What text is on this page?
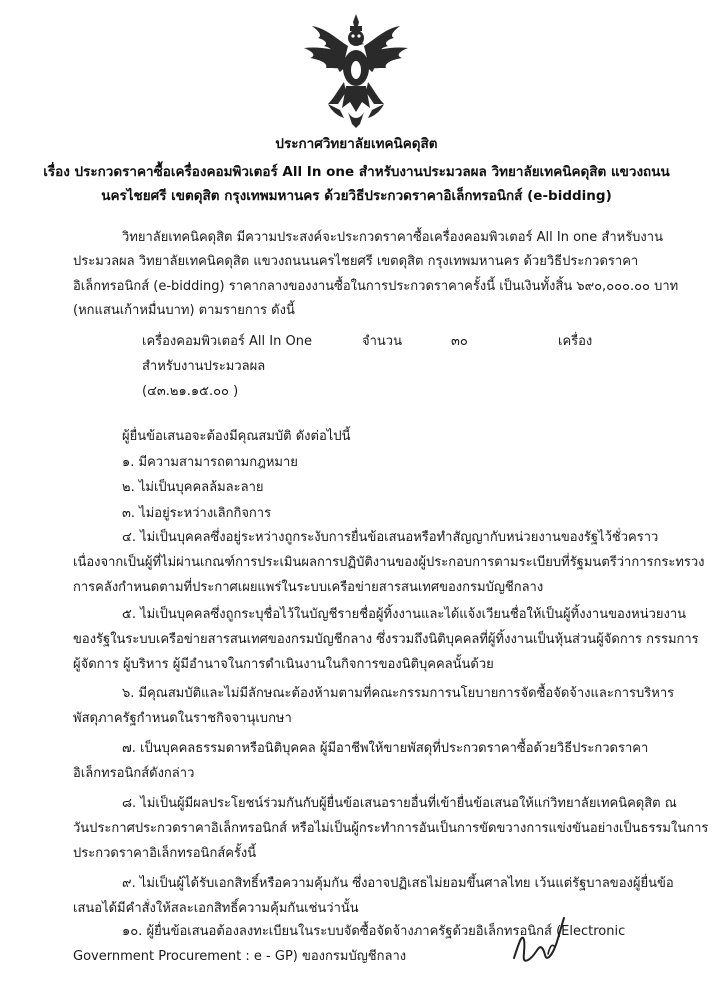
ประกาศวิทยาลัยเทคนิคดุสิต
เรื่อง ประกวดราคาซื้อเครื่องคอมพิวเตอร์ All In one สำหรับงานประมวลผล วิทยาลัยเทคนิคดุสิต แขวงถนน
นครไชยศรี เขตดุสิต กรุงเทพมหานคร ด้วยวิธีประกวดราคาอิเล็กทรอนิกส์ (e-bidding)
วิทยาลัยเทคนิคดุสิต มีความประสงค์จะประกวดราคาซื้อเครื่องคอมพิวเตอร์ All In one สำหรับงาน
ประมวลผล วิทยาลัยเทคนิคดุสิต แขวงถนนนครไชยศรี เขตดุสิต กรุงเทพมหานคร ด้วยวิธีประกวดราคา
อิเล็กทรอนิกส์ (e-bidding) ราคากลางของงานซื้อในการประกวดราคาครั้งนี้ เป็นเงินทั้งสิ้น ๖๙๐,๐๐๐.๐๐ บาท
(หกแสนเก้าหมื่นบาท) ตามรายการ ดังนี้
เครื่องคอมพิวเตอร์ All In One	จำนวน	๓๐	เครื่อง
สำหรับงานประมวลผล
(๔๓.๒๑.๑๕.๐๐ )
ผู้ยื่นข้อเสนอจะต้องมีคุณสมบัติ ดังต่อไปนี้
๑. มีความสามารถตามกฎหมาย
๒. ไม่เป็นบุคคลล้มละลาย
๓. ไม่อยู่ระหว่างเลิกกิจการ
๔. ไม่เป็นบุคคลซึ่งอยู่ระหว่างถูกระงับการยื่นข้อเสนอหรือทำสัญญากับหน่วยงานของรัฐไว้ชั่วคราว
เนื่องจากเป็นผู้ที่ไม่ผ่านเกณฑ์การประเมินผลการปฏิบัติงานของผู้ประกอบการตามระเบียบที่รัฐมนตรีว่าการกระทรวง
การคลังกำหนดตามที่ประกาศเผยแพร่ในระบบเครือข่ายสารสนเทศของกรมบัญชีกลาง
๕. ไม่เป็นบุคคลซึ่งถูกระบุชื่อไว้ในบัญชีรายชื่อผู้ทิ้งงานและได้แจ้งเวียนชื่อให้เป็นผู้ทิ้งงานของหน่วยงาน
ของรัฐในระบบเครือข่ายสารสนเทศของกรมบัญชีกลาง ซึ่งรวมถึงนิติบุคคลที่ผู้ทิ้งงานเป็นหุ้นส่วนผู้จัดการ กรรมการ
ผู้จัดการ ผู้บริหาร ผู้มีอำนาจในการดำเนินงานในกิจการของนิติบุคคลนั้นด้วย
๖. มีคุณสมบัติและไม่มีลักษณะต้องห้ามตามที่คณะกรรมการนโยบายการจัดซื้อจัดจ้างและการบริหาร
พัสดุภาครัฐกำหนดในราชกิจจานุเบกษา
๗. เป็นบุคคลธรรมดาหรือนิติบุคคล ผู้มีอาชีพให้ขายพัสดุที่ประกวดราคาซื้อด้วยวิธีประกวดราคา
อิเล็กทรอนิกส์ดังกล่าว
๘. ไม่เป็นผู้มีผลประโยชน์ร่วมกันกับผู้ยื่นข้อเสนอรายอื่นที่เข้ายื่นข้อเสนอให้แก่วิทยาลัยเทคนิคดุสิต ณ
วันประกาศประกวดราคาอิเล็กทรอนิกส์ หรือไม่เป็นผู้กระทำการอันเป็นการขัดขวางการแข่งขันอย่างเป็นธรรมในการ
ประกวดราคาอิเล็กทรอนิกส์ครั้งนี้
๙. ไม่เป็นผู้ได้รับเอกสิทธิ์หรือความคุ้มกัน ซึ่งอาจปฏิเสธไม่ยอมขึ้นศาลไทย เว้นแต่รัฐบาลของผู้ยื่นข้อ
เสนอได้มีคำสั่งให้สละเอกสิทธิ์ความคุ้มกันเช่นว่านั้น
๑๐. ผู้ยื่นข้อเสนอต้องลงทะเบียนในระบบจัดซื้อจัดจ้างภาครัฐด้วยอิเล็กทรอนิกส์ (Electronic
Government Procurement : e - GP) ของกรมบัญชีกลาง
